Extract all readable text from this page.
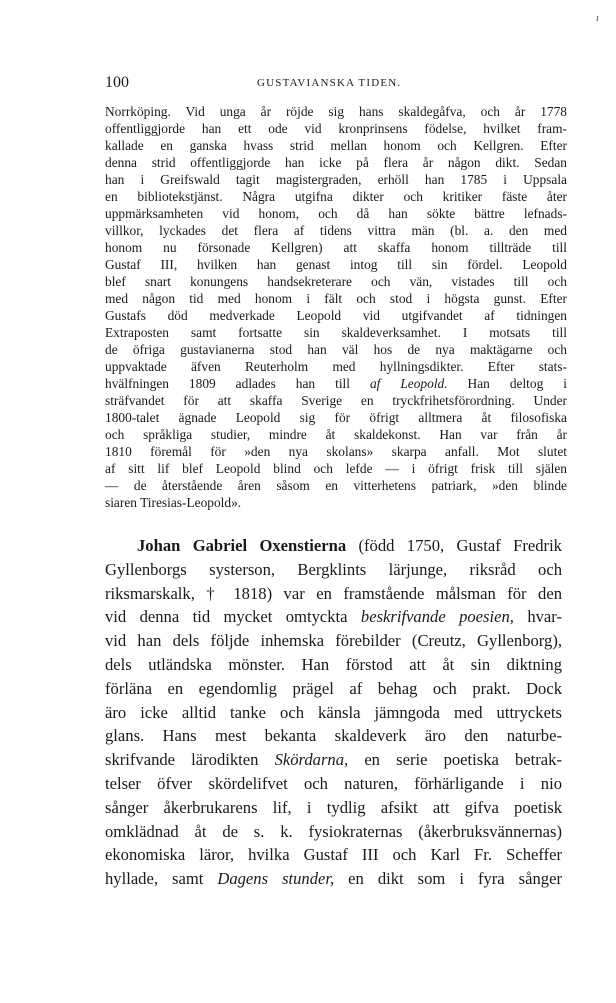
ı
100	GUSTAVIANSKA TIDEN.
Norrköping. Vid unga år röjde sig hans skaldegåfva, och år 1778
offentliggjorde han ett ode vid kronprinsens födelse, hvilket fram-
kallade en ganska hvass strid mellan honom och Kellgren. Efter
denna strid offentliggjorde han icke på flera år någon dikt. Sedan
han i Greifswald tagit magistergraden, erhöll han 1785 i Uppsala
en bibliotekstjänst. Några utgifna dikter och kritiker fäste åter
uppmärksamheten vid honom, och då han sökte bättre lefnads-
villkor, lyckades det flera af tidens vittra män (bl. a. den med
honom nu försonade Kellgren) att skaffa honom tillträde till
Gustaf III, hvilken han genast intog till sin fördel. Leopold
blef snart konungens handsekreterare och vän, vistades till och
med någon tid med honom i fält och stod i högsta gunst. Efter
Gustafs död medverkade Leopold vid utgifvandet af tidningen
Extraposten samt fortsatte sin skaldeverksamhet. I motsats till
de öfriga gustavianerna stod han väl hos de nya maktägarne och
uppvaktade äfven Reuterholm med hyllningsdikter. Efter stats-
hvälfningen 1809 adlades han till af Leopold. Han deltog i
sträfvandet för att skaffa Sverige en tryckfrihetsförordning. Under
1800-talet ägnade Leopold sig för öfrigt alltmera åt filosofiska
och språkliga studier, mindre åt skaldekonst. Han var från år
1810 föremål för »den nya skolans» skarpa anfall. Mot slutet
af sitt lif blef Leopold blind och lefde — i öfrigt frisk till själen
— de återstående åren såsom en vitterhetens patriark, »den blinde
siaren Tiresias-Leopold».
Johan Gabriel Oxenstierna (född 1750, Gustaf Fredrik
Gyllenborgs systerson, Bergklints lärjunge, riksråd och
riksmarskalk, † 1818) var en framstående målsman för den
vid denna tid mycket omtyckta beskrifvande poesien, hvar-
vid han dels följde inhemska förebilder (Creutz, Gyllenborg),
dels utländska mönster. Han förstod att åt sin diktning
förläna en egendomlig prägel af behag och prakt. Dock
äro icke alltid tanke och känsla jämngoda med uttryckets
glans. Hans mest bekanta skaldeverk äro den naturbe-
skrifvande lärodikten Skördarna, en serie poetiska betrak-
telser öfver skördelifvet och naturen, förhärligande i nio
sånger åkerbrukarens lif, i tydlig afsikt att gifva poetisk
omklädnad åt de s. k. fysiokraternas (åkerbruksvännernas)
ekonomiska läror, hvilka Gustaf III och Karl Fr. Scheffer
hyllade, samt Dagens stunder, en dikt som i fyra sånger
